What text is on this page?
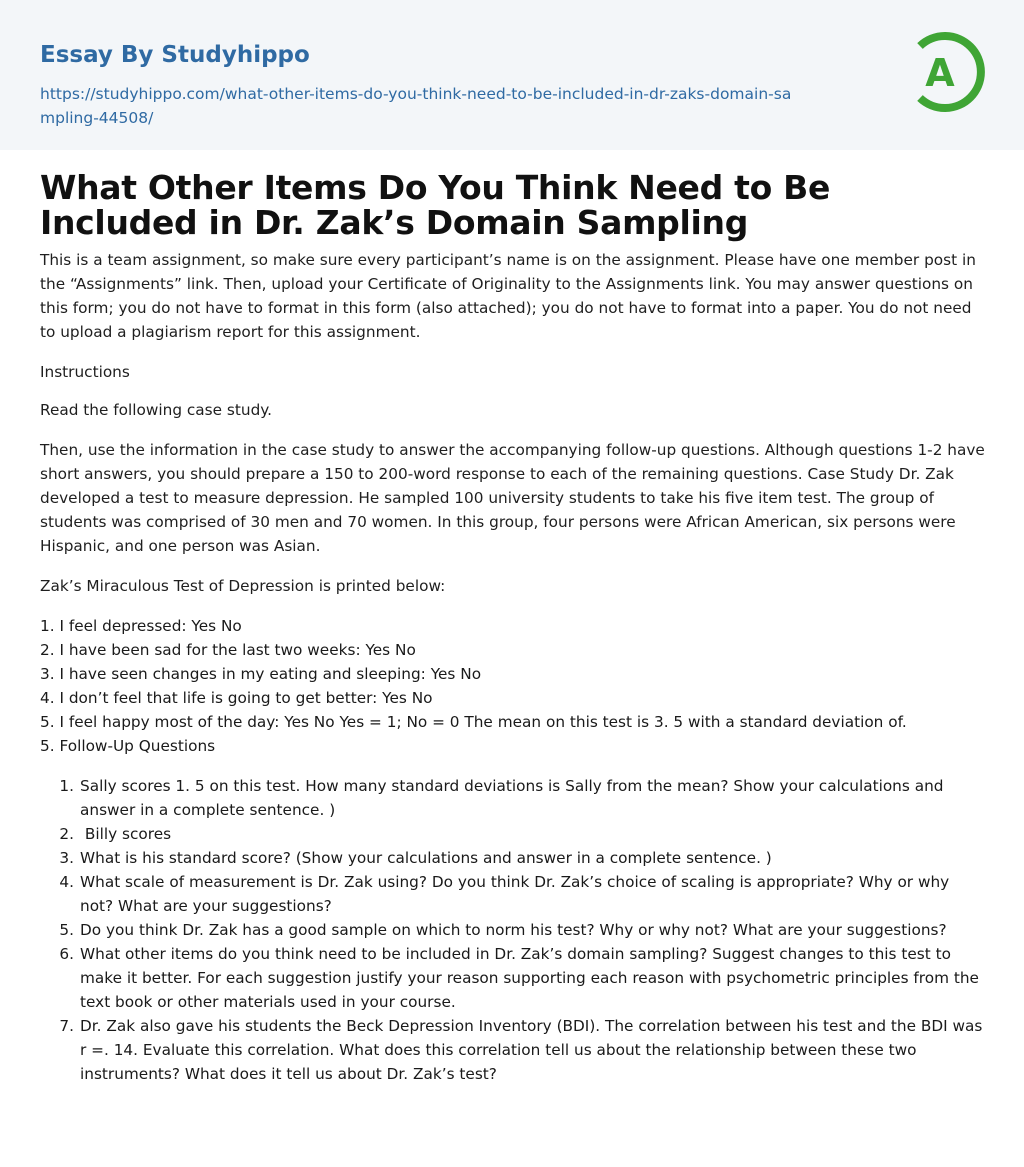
Essay By Studyhippo
https://studyhippo.com/what-other-items-do-you-think-need-to-be-included-in-dr-zaks-domain-sampling-44508/
A
What Other Items Do You Think Need to Be Included in Dr. Zak’s Domain Sampling

This is a team assignment, so make sure every participant’s name is on the assignment. Please have one member post in the “Assignments” link. Then, upload your Certificate of Originality to the Assignments link. You may answer questions on this form; you do not have to format in this form (also attached); you do not have to format into a paper. You do not need to upload a plagiarism report for this assignment.

Instructions

Read the following case study.

Then, use the information in the case study to answer the accompanying follow-up questions. Although questions 1-2 have short answers, you should prepare a 150 to 200-word response to each of the remaining questions. Case Study Dr. Zak developed a test to measure depression. He sampled 100 university students to take his five item test. The group of students was comprised of 30 men and 70 women. In this group, four persons were African American, six persons were Hispanic, and one person was Asian.

Zak’s Miraculous Test of Depression is printed below:

1. I feel depressed: Yes No
2. I have been sad for the last two weeks: Yes No
3. I have seen changes in my eating and sleeping: Yes No
4. I don’t feel that life is going to get better: Yes No
5. I feel happy most of the day: Yes No Yes = 1; No = 0 The mean on this test is 3. 5 with a standard deviation of.
5. Follow-Up Questions
1. Sally scores 1. 5 on this test. How many standard deviations is Sally from the mean? Show your calculations and answer in a complete sentence. )
2. Billy scores
3. What is his standard score? (Show your calculations and answer in a complete sentence. )
4. What scale of measurement is Dr. Zak using? Do you think Dr. Zak’s choice of scaling is appropriate? Why or why not? What are your suggestions?
5. Do you think Dr. Zak has a good sample on which to norm his test? Why or why not? What are your suggestions?
6. What other items do you think need to be included in Dr. Zak’s domain sampling? Suggest changes to this test to make it better. For each suggestion justify your reason supporting each reason with psychometric principles from the text book or other materials used in your course.
7. Dr. Zak also gave his students the Beck Depression Inventory (BDI). The correlation between his test and the BDI was r =. 14. Evaluate this correlation. What does this correlation tell us about the relationship between these two instruments? What does it tell us about Dr. Zak’s test?
